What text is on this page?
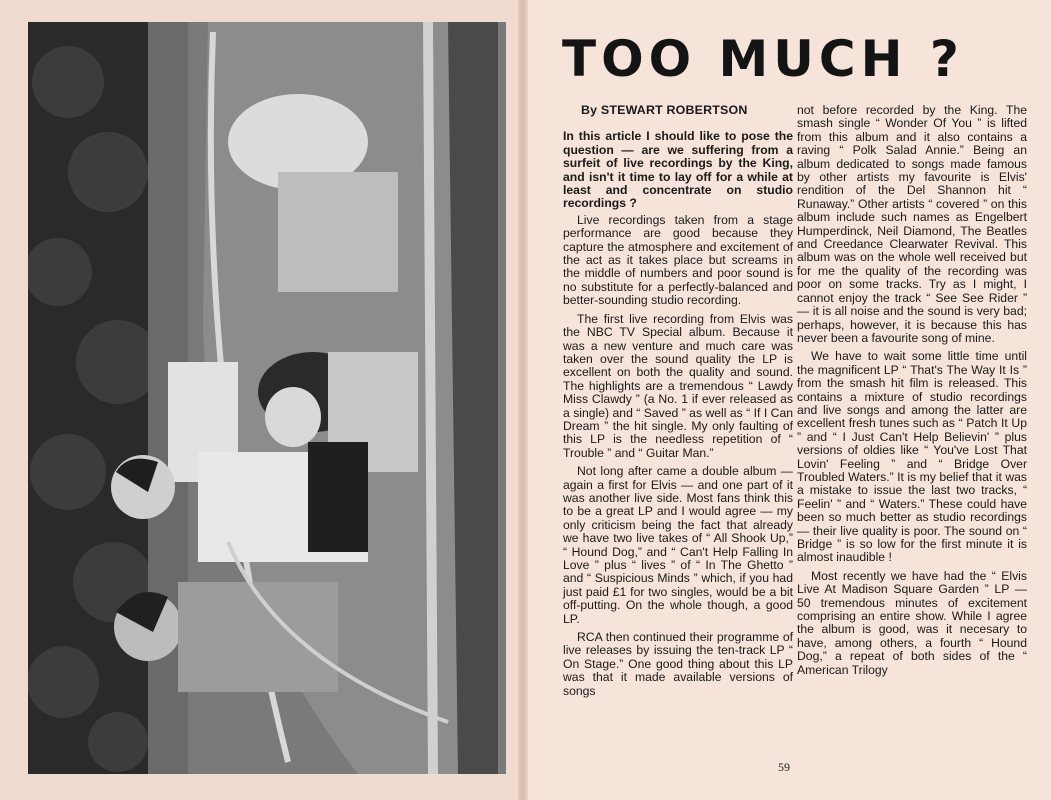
TOO MUCH ?
By STEWART ROBERTSON

In this article I should like to pose the question — are we suffering from a surfeit of live recordings by the King, and isn't it time to lay off for a while at least and concentrate on studio recordings ?

Live recordings taken from a stage performance are good because they capture the atmosphere and excitement of the act as it takes place but screams in the middle of numbers and poor sound is no substitute for a perfectly-balanced and better-sounding studio recording.

The first live recording from Elvis was the NBC TV Special album. Because it was a new venture and much care was taken over the sound quality the LP is excellent on both the quality and sound. The highlights are a tremendous “ Lawdy Miss Clawdy ” (a No. 1 if ever released as a single) and “ Saved ” as well as “ If I Can Dream ” the hit single. My only faulting of this LP is the needless repetition of “ Trouble ” and “ Guitar Man.”

Not long after came a double album — again a first for Elvis — and one part of it was another live side. Most fans think this to be a great LP and I would agree — my only criticism being the fact that already we have two live takes of “ All Shook Up,” “ Hound Dog,” and “ Can't Help Falling In Love ” plus “ lives ” of “ In The Ghetto ” and “ Suspicious Minds ” which, if you had just paid £1 for two singles, would be a bit off-putting. On the whole though, a good LP.

RCA then continued their programme of live releases by issuing the ten-track LP “ On Stage.” One good thing about this LP was that it made available versions of songs

not before recorded by the King. The smash single “ Wonder Of You ” is lifted from this album and it also contains a raving “ Polk Salad Annie.” Being an album dedicated to songs made famous by other artists my favourite is Elvis' rendition of the Del Shannon hit “ Runaway.” Other artists “ covered ” on this album include such names as Engelbert Humperdinck, Neil Diamond, The Beatles and Creedance Clearwater Revival. This album was on the whole well received but for me the quality of the recording was poor on some tracks. Try as I might, I cannot enjoy the track “ See See Rider ” — it is all noise and the sound is very bad; perhaps, however, it is because this has never been a favourite song of mine.

We have to wait some little time until the magnificent LP “ That's The Way It Is ” from the smash hit film is released. This contains a mixture of studio recordings and live songs and among the latter are excellent fresh tunes such as “ Patch It Up ” and “ I Just Can't Help Believin' ” plus versions of oldies like “ You've Lost That Lovin' Feeling ” and “ Bridge Over Troubled Waters.” It is my belief that it was a mistake to issue the last two tracks, “ Feelin' ” and “ Waters.” These could have been so much better as studio recordings — their live quality is poor. The sound on “ Bridge ” is so low for the first minute it is almost inaudible !

Most recently we have had the “ Elvis Live At Madison Square Garden ” LP — 50 tremendous minutes of excitement comprising an entire show. While I agree the album is good, was it necesary to have, among others, a fourth “ Hound Dog,” a repeat of both sides of the “ American Trilogy

59
